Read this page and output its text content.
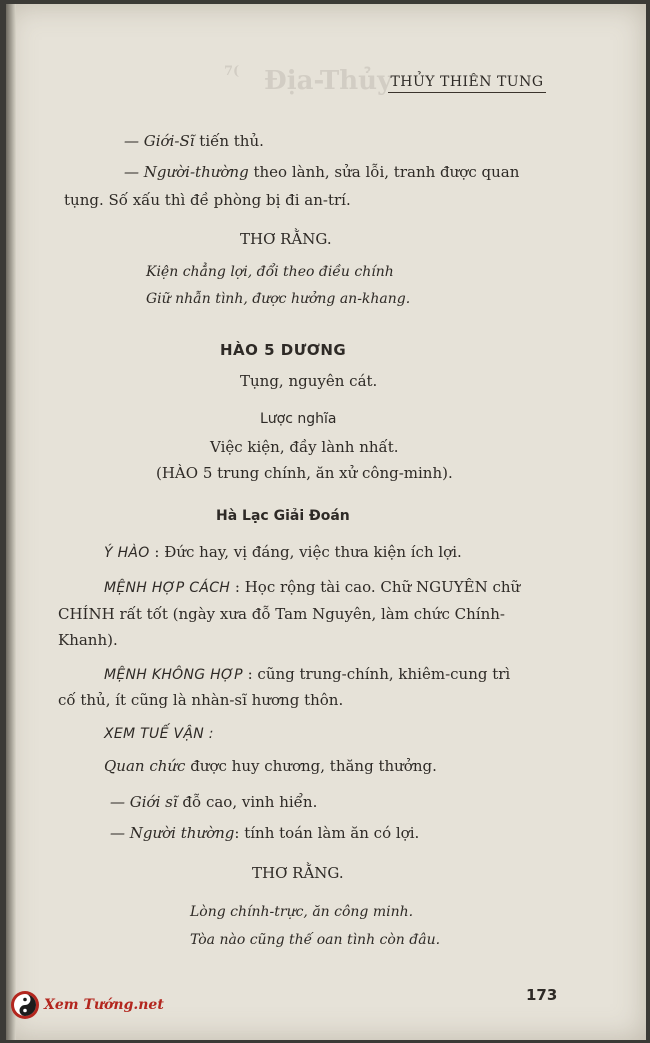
7( Địa-Thủy
THỦY THIÊN TUNG
— Giới-Sĩ tiến thủ.
— Người-thường theo lành, sửa lỗi, tranh được quan
tụng. Số xấu thì đề phòng bị đi an-trí.
THƠ RẰNG.
Kiện chẳng lợi, đổi theo điều chính
Giữ nhẫn tình, được hưởng an-khang.
HÀO 5 DƯƠNG
Tụng, nguyên cát.
Lược nghĩa
Việc kiện, đầy lành nhất.
(HÀO 5 trung chính, ăn xử công-minh).
Hà Lạc Giải Đoán
Ý HÀO : Đức hay, vị đáng, việc thưa kiện ích lợi.
MỆNH HỢP CÁCH : Học rộng tài cao. Chữ NGUYÊN chữ
CHÍNH rất tốt (ngày xưa đỗ Tam Nguyên, làm chức Chính-
Khanh).
MỆNH KHÔNG HỢP : cũng trung-chính, khiêm-cung trì
cố thủ, ít cũng là nhàn-sĩ hương thôn.
XEM TUẾ VẬN :
Quan chức được huy chương, thăng thưởng.
— Giới sĩ đỗ cao, vinh hiển.
— Người thường: tính toán làm ăn có lợi.
THƠ RẰNG.
Lòng chính-trực, ăn công minh.
Tòa nào cũng thế oan tình còn đâu.
173
Xem Tướng.net
